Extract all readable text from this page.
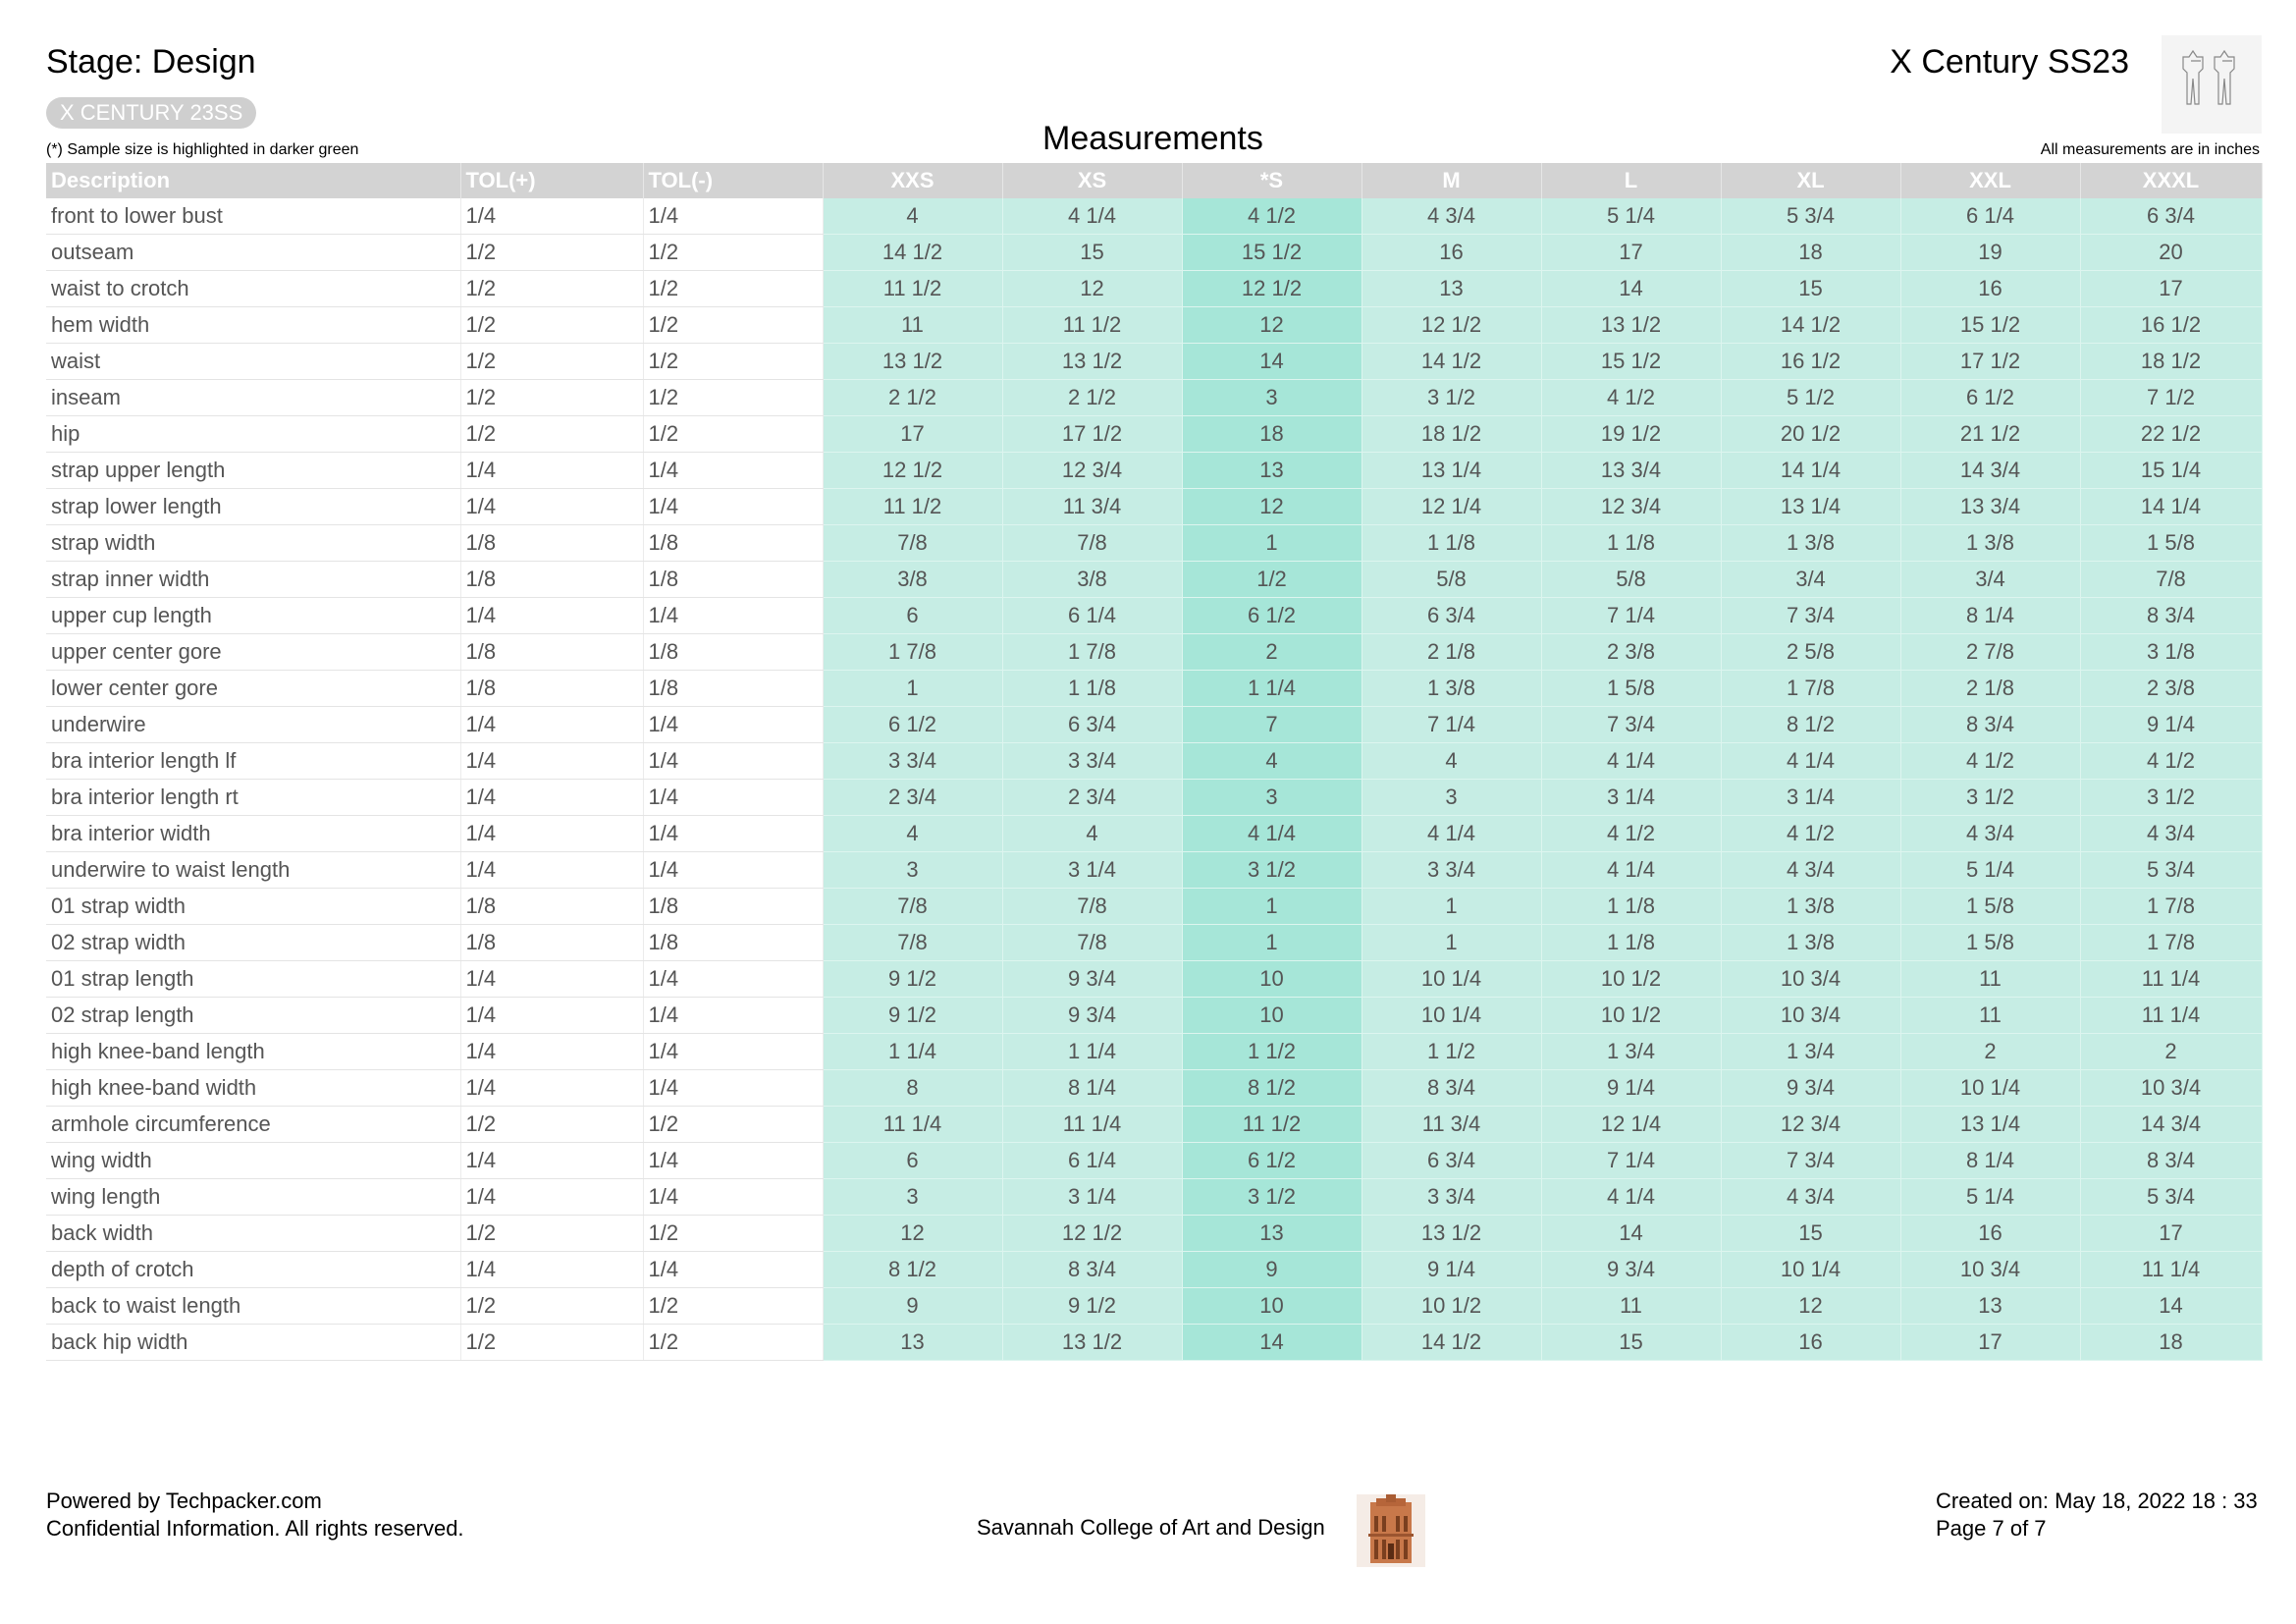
Stage: Design	X Century SS23
X CENTURY 23SS
(*) Sample size is highlighted in darker green	Measurements	All measurements are in inches
Description	TOL(+)	TOL(-)	XXS	XS	*S	M	L	XL	XXL	XXXL
front to lower bust	1/4	1/4	4	4 1/4	4 1/2	4 3/4	5 1/4	5 3/4	6 1/4	6 3/4
outseam	1/2	1/2	14 1/2	15	15 1/2	16	17	18	19	20
waist to crotch	1/2	1/2	11 1/2	12	12 1/2	13	14	15	16	17
hem width	1/2	1/2	11	11 1/2	12	12 1/2	13 1/2	14 1/2	15 1/2	16 1/2
waist	1/2	1/2	13 1/2	13 1/2	14	14 1/2	15 1/2	16 1/2	17 1/2	18 1/2
inseam	1/2	1/2	2 1/2	2 1/2	3	3 1/2	4 1/2	5 1/2	6 1/2	7 1/2
hip	1/2	1/2	17	17 1/2	18	18 1/2	19 1/2	20 1/2	21 1/2	22 1/2
strap upper length	1/4	1/4	12 1/2	12 3/4	13	13 1/4	13 3/4	14 1/4	14 3/4	15 1/4
strap lower length	1/4	1/4	11 1/2	11 3/4	12	12 1/4	12 3/4	13 1/4	13 3/4	14 1/4
strap width	1/8	1/8	7/8	7/8	1	1 1/8	1 1/8	1 3/8	1 3/8	1 5/8
strap inner width	1/8	1/8	3/8	3/8	1/2	5/8	5/8	3/4	3/4	7/8
upper cup length	1/4	1/4	6	6 1/4	6 1/2	6 3/4	7 1/4	7 3/4	8 1/4	8 3/4
upper center gore	1/8	1/8	1 7/8	1 7/8	2	2 1/8	2 3/8	2 5/8	2 7/8	3 1/8
lower center gore	1/8	1/8	1	1 1/8	1 1/4	1 3/8	1 5/8	1 7/8	2 1/8	2 3/8
underwire	1/4	1/4	6 1/2	6 3/4	7	7 1/4	7 3/4	8 1/2	8 3/4	9 1/4
bra interior length lf	1/4	1/4	3 3/4	3 3/4	4	4	4 1/4	4 1/4	4 1/2	4 1/2
bra interior length rt	1/4	1/4	2 3/4	2 3/4	3	3	3 1/4	3 1/4	3 1/2	3 1/2
bra interior width	1/4	1/4	4	4	4 1/4	4 1/4	4 1/2	4 1/2	4 3/4	4 3/4
underwire to waist length	1/4	1/4	3	3 1/4	3 1/2	3 3/4	4 1/4	4 3/4	5 1/4	5 3/4
01 strap width	1/8	1/8	7/8	7/8	1	1	1 1/8	1 3/8	1 5/8	1 7/8
02 strap width	1/8	1/8	7/8	7/8	1	1	1 1/8	1 3/8	1 5/8	1 7/8
01 strap length	1/4	1/4	9 1/2	9 3/4	10	10 1/4	10 1/2	10 3/4	11	11 1/4
02 strap length	1/4	1/4	9 1/2	9 3/4	10	10 1/4	10 1/2	10 3/4	11	11 1/4
high knee-band length	1/4	1/4	1 1/4	1 1/4	1 1/2	1 1/2	1 3/4	1 3/4	2	2
high knee-band width	1/4	1/4	8	8 1/4	8 1/2	8 3/4	9 1/4	9 3/4	10 1/4	10 3/4
armhole circumference	1/2	1/2	11 1/4	11 1/4	11 1/2	11 3/4	12 1/4	12 3/4	13 1/4	14 3/4
wing width	1/4	1/4	6	6 1/4	6 1/2	6 3/4	7 1/4	7 3/4	8 1/4	8 3/4
wing length	1/4	1/4	3	3 1/4	3 1/2	3 3/4	4 1/4	4 3/4	5 1/4	5 3/4
back width	1/2	1/2	12	12 1/2	13	13 1/2	14	15	16	17
depth of crotch	1/4	1/4	8 1/2	8 3/4	9	9 1/4	9 3/4	10 1/4	10 3/4	11 1/4
back to waist length	1/2	1/2	9	9 1/2	10	10 1/2	11	12	13	14
back hip width	1/2	1/2	13	13 1/2	14	14 1/2	15	16	17	18
Powered by Techpacker.com
Confidential Information. All rights reserved.	Savannah College of Art and Design
Created on: May 18, 2022 18 : 33
Page 7 of 7
